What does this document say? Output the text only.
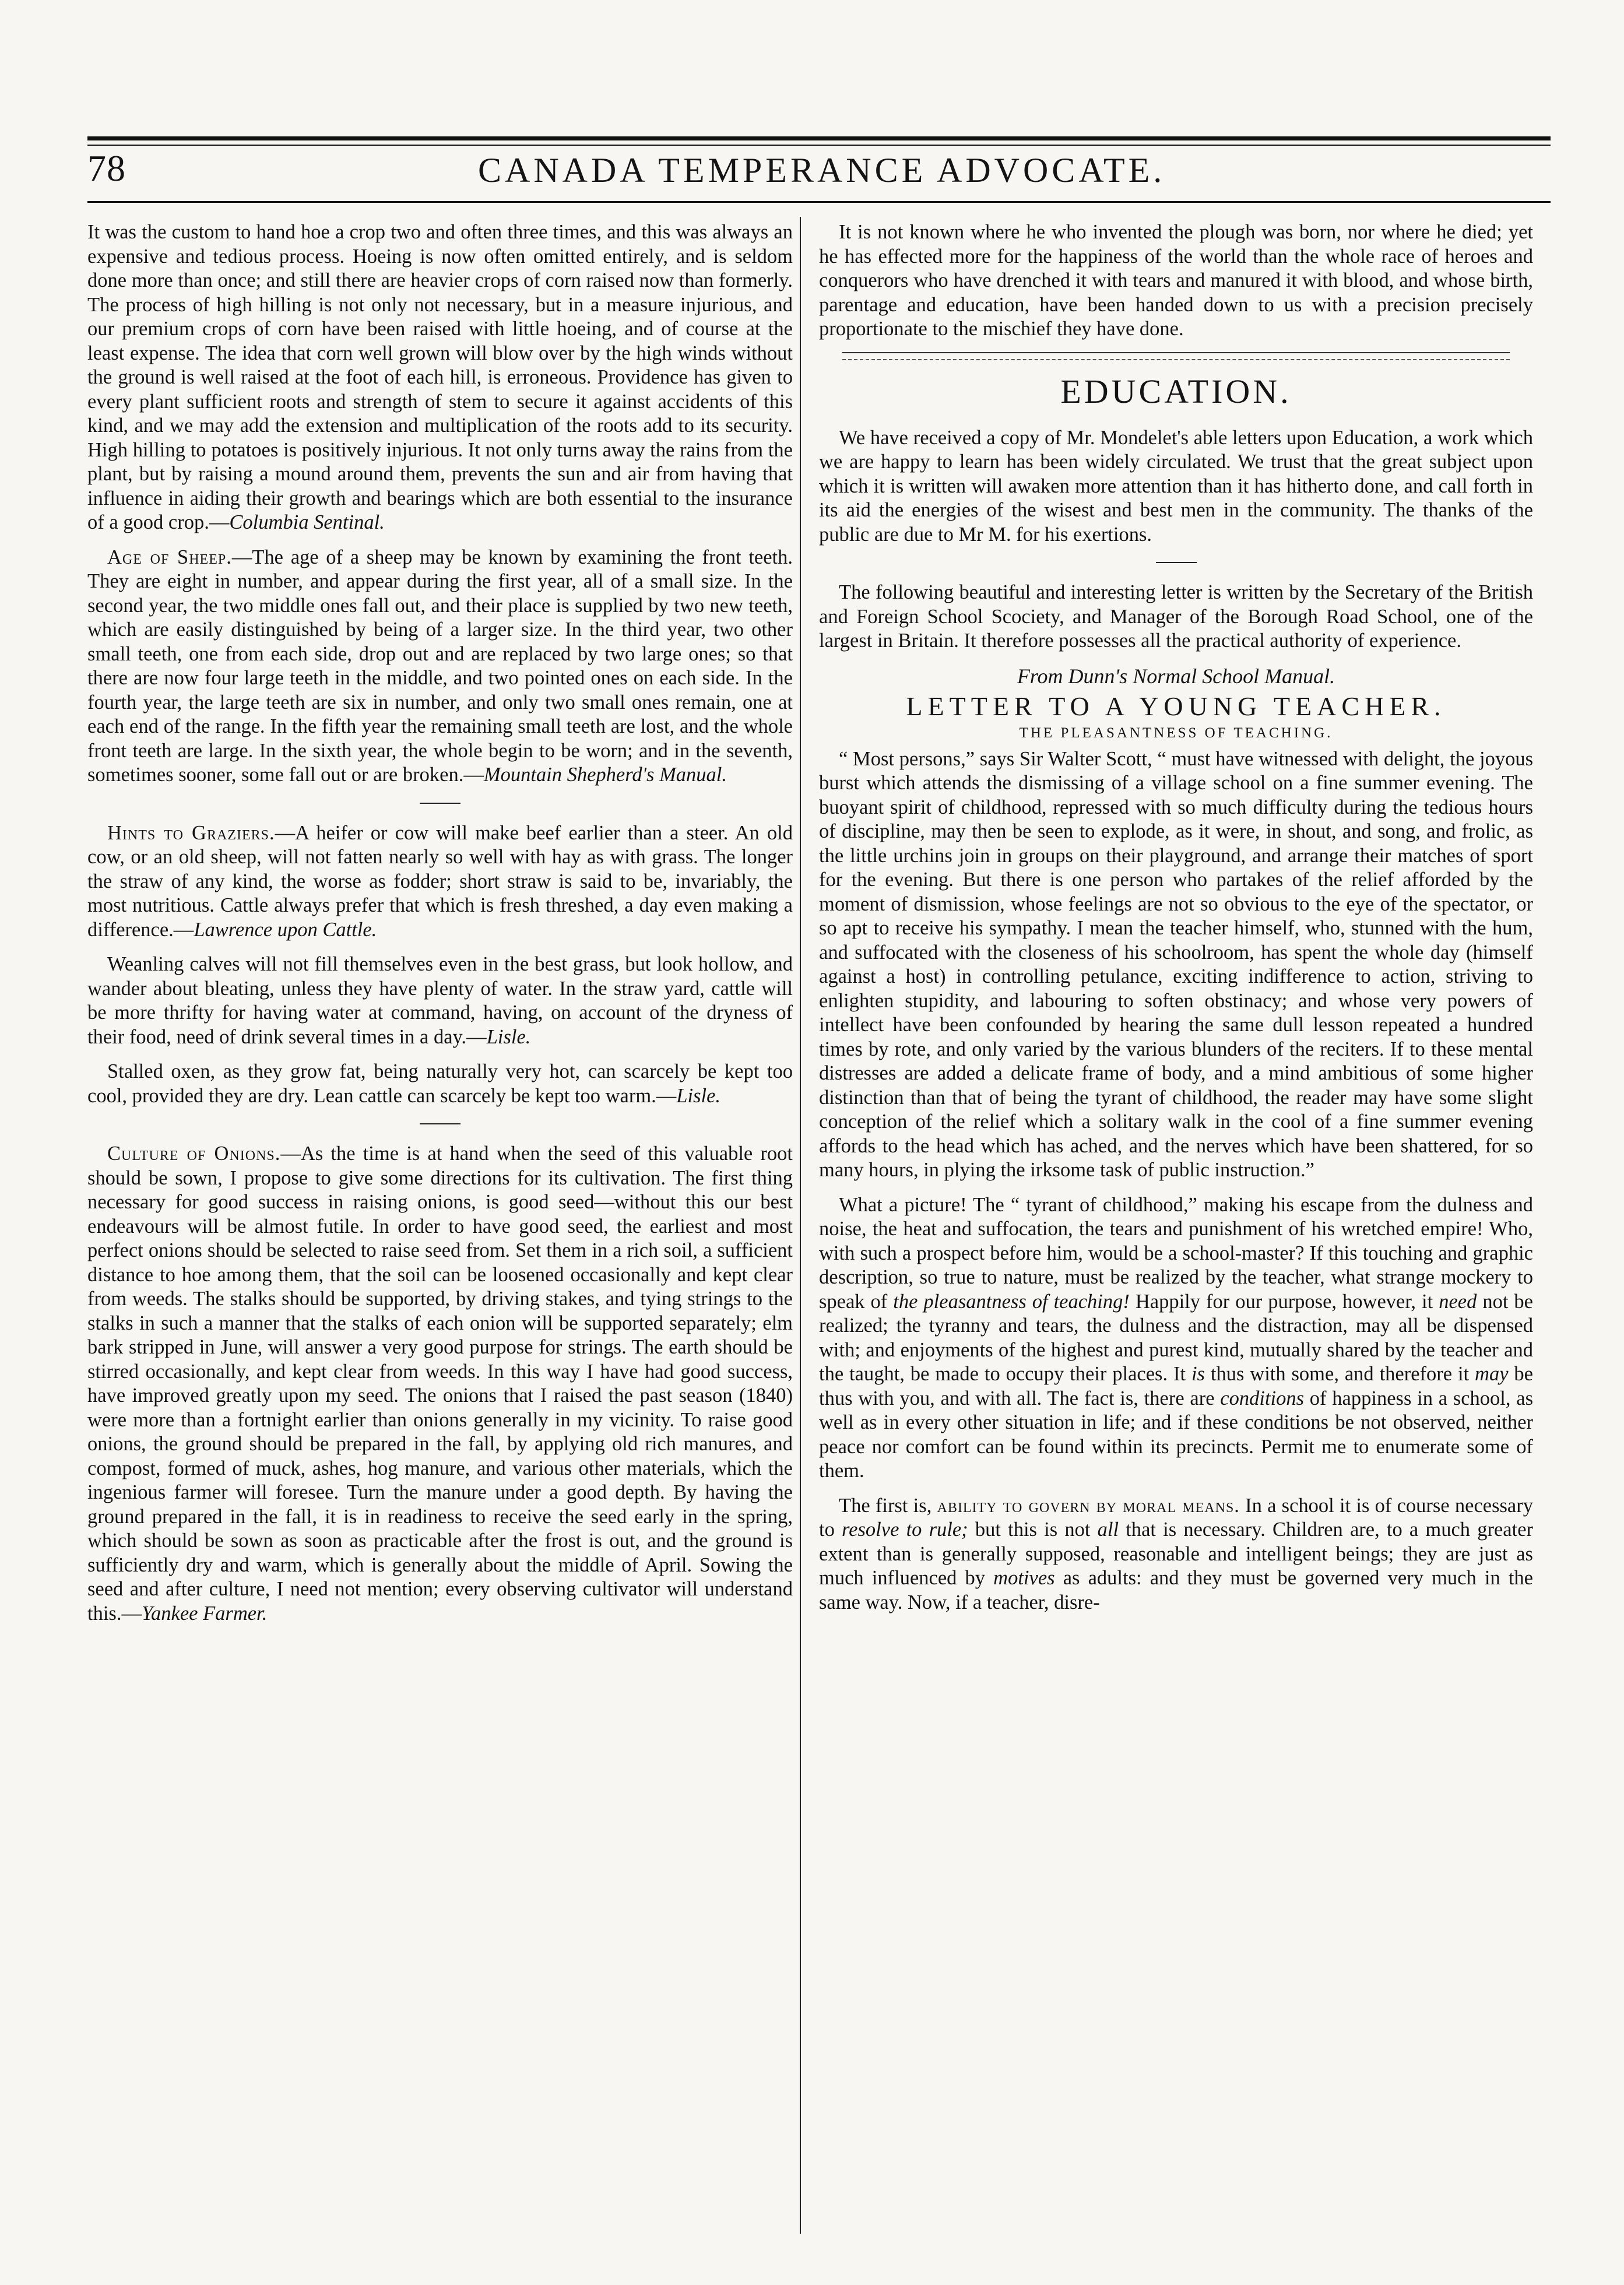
78	CANADA TEMPERANCE ADVOCATE.

It was the custom to hand hoe a crop two and often three times, and this was always an expensive and tedious process. Hoeing is now often omitted entirely, and is seldom done more than once; and still there are heavier crops of corn raised now than formerly. The process of high hilling is not only not necessary, but in a measure injurious, and our premium crops of corn have been raised with little hoeing, and of course at the least expense. The idea that corn well grown will blow over by the high winds without the ground is well raised at the foot of each hill, is erroneous. Providence has given to every plant sufficient roots and strength of stem to secure it against accidents of this kind, and we may add the extension and multiplication of the roots add to its security. High hilling to potatoes is positively injurious. It not only turns away the rains from the plant, but by raising a mound around them, prevents the sun and air from having that influence in aiding their growth and bearings which are both essential to the insurance of a good crop.—Columbia Sentinal.

Age of Sheep.—The age of a sheep may be known by examining the front teeth. They are eight in number, and appear during the first year, all of a small size. In the second year, the two middle ones fall out, and their place is supplied by two new teeth, which are easily distinguished by being of a larger size. In the third year, two other small teeth, one from each side, drop out and are replaced by two large ones; so that there are now four large teeth in the middle, and two pointed ones on each side. In the fourth year, the large teeth are six in number, and only two small ones remain, one at each end of the range. In the fifth year the remaining small teeth are lost, and the whole front teeth are large. In the sixth year, the whole begin to be worn; and in the seventh, sometimes sooner, some fall out or are broken.—Mountain Shepherd's Manual.

Hints to Graziers.—A heifer or cow will make beef earlier than a steer. An old cow, or an old sheep, will not fatten nearly so well with hay as with grass. The longer the straw of any kind, the worse as fodder; short straw is said to be, invariably, the most nutritious. Cattle always prefer that which is fresh threshed, a day even making a difference.—Lawrence upon Cattle.

Weanling calves will not fill themselves even in the best grass, but look hollow, and wander about bleating, unless they have plenty of water. In the straw yard, cattle will be more thrifty for having water at command, having, on account of the dryness of their food, need of drink several times in a day.—Lisle.

Stalled oxen, as they grow fat, being naturally very hot, can scarcely be kept too cool, provided they are dry. Lean cattle can scarcely be kept too warm.—Lisle.

Culture of Onions.—As the time is at hand when the seed of this valuable root should be sown, I propose to give some directions for its cultivation. The first thing necessary for good success in raising onions, is good seed—without this our best endeavours will be almost futile. In order to have good seed, the earliest and most perfect onions should be selected to raise seed from. Set them in a rich soil, a sufficient distance to hoe among them, that the soil can be loosened occasionally and kept clear from weeds. The stalks should be supported, by driving stakes, and tying strings to the stalks in such a manner that the stalks of each onion will be supported separately; elm bark stripped in June, will answer a very good purpose for strings. The earth should be stirred occasionally, and kept clear from weeds. In this way I have had good success, have improved greatly upon my seed. The onions that I raised the past season (1840) were more than a fortnight earlier than onions generally in my vicinity. To raise good onions, the ground should be prepared in the fall, by applying old rich manures, and compost, formed of muck, ashes, hog manure, and various other materials, which the ingenious farmer will foresee. Turn the manure under a good depth. By having the ground prepared in the fall, it is in readiness to receive the seed early in the spring, which should be sown as soon as practicable after the frost is out, and the ground is sufficiently dry and warm, which is generally about the middle of April. Sowing the seed and after culture, I need not mention; every observing cultivator will understand this.—Yankee Farmer.

It is not known where he who invented the plough was born, nor where he died; yet he has effected more for the happiness of the world than the whole race of heroes and conquerors who have drenched it with tears and manured it with blood, and whose birth, parentage and education, have been handed down to us with a precision precisely proportionate to the mischief they have done.

EDUCATION.

We have received a copy of Mr. Mondelet's able letters upon Education, a work which we are happy to learn has been widely circulated. We trust that the great subject upon which it is written will awaken more attention than it has hitherto done, and call forth in its aid the energies of the wisest and best men in the community. The thanks of the public are due to Mr M. for his exertions.

The following beautiful and interesting letter is written by the Secretary of the British and Foreign School Scociety, and Manager of the Borough Road School, one of the largest in Britain. It therefore possesses all the practical authority of experience.

From Dunn's Normal School Manual.
LETTER TO A YOUNG TEACHER.
THE PLEASANTNESS OF TEACHING.

“ Most persons,” says Sir Walter Scott, “ must have witnessed with delight, the joyous burst which attends the dismissing of a village school on a fine summer evening. The buoyant spirit of childhood, repressed with so much difficulty during the tedious hours of discipline, may then be seen to explode, as it were, in shout, and song, and frolic, as the little urchins join in groups on their playground, and arrange their matches of sport for the evening. But there is one person who partakes of the relief afforded by the moment of dismission, whose feelings are not so obvious to the eye of the spectator, or so apt to receive his sympathy. I mean the teacher himself, who, stunned with the hum, and suffocated with the closeness of his schoolroom, has spent the whole day (himself against a host) in controlling petulance, exciting indifference to action, striving to enlighten stupidity, and labouring to soften obstinacy; and whose very powers of intellect have been confounded by hearing the same dull lesson repeated a hundred times by rote, and only varied by the various blunders of the reciters. If to these mental distresses are added a delicate frame of body, and a mind ambitious of some higher distinction than that of being the tyrant of childhood, the reader may have some slight conception of the relief which a solitary walk in the cool of a fine summer evening affords to the head which has ached, and the nerves which have been shattered, for so many hours, in plying the irksome task of public instruction.”

What a picture! The “ tyrant of childhood,” making his escape from the dulness and noise, the heat and suffocation, the tears and punishment of his wretched empire! Who, with such a prospect before him, would be a school-master? If this touching and graphic description, so true to nature, must be realized by the teacher, what strange mockery to speak of the pleasantness of teaching! Happily for our purpose, however, it need not be realized; the tyranny and tears, the dulness and the distraction, may all be dispensed with; and enjoyments of the highest and purest kind, mutually shared by the teacher and the taught, be made to occupy their places. It is thus with some, and therefore it may be thus with you, and with all. The fact is, there are conditions of happiness in a school, as well as in every other situation in life; and if these conditions be not observed, neither peace nor comfort can be found within its precincts. Permit me to enumerate some of them.

The first is, ability to govern by moral means. In a school it is of course necessary to resolve to rule; but this is not all that is necessary. Children are, to a much greater extent than is generally supposed, reasonable and intelligent beings; they are just as much influenced by motives as adults: and they must be governed very much in the same way. Now, if a teacher, disre-
